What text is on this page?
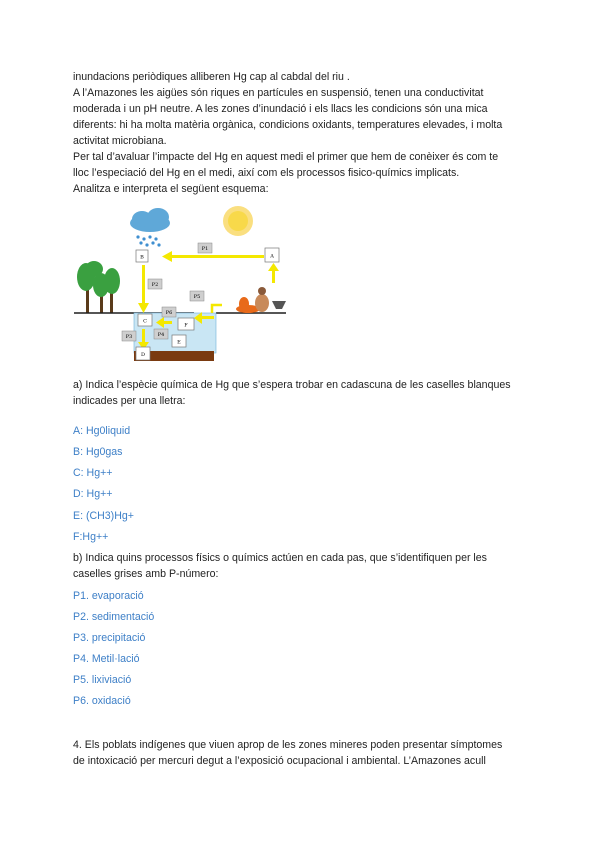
inundacions periòdiques alliberen Hg cap al cabdal del riu .
A l’Amazones les aigües són riques en partícules en suspensió, tenen una conductivitat
moderada i un pH neutre. A les zones d’inundació i els llacs les condicions són una mica
diferents: hi ha molta matèria orgànica, condicions oxidants, temperatures elevades, i molta
activitat microbiana.
Per tal d’avaluar l’impacte del Hg en aquest medi el primer que hem de conèixer és com te
lloc l’especiació del Hg en el medi, així com els processos fisico-químics implicats.
Analitza e interpreta el següent esquema:
B	A
C
F
E
D
P1
P2
P5
P6
P4
P3
a) Indica l’espècie química de Hg que s’espera trobar en cadascuna de les caselles blanques
indicades per una lletra:
A: Hg0liquid
B: Hg0gas
C: Hg++
D: Hg++
E: (CH3)Hg+
F:Hg++
b) Indica quins processos físics o químics actúen en cada pas, que s’identifiquen per les
caselles grises amb P-número:
P1. evaporació
P2. sedimentació
P3. precipitació
P4. Metil·lació
P5. lixiviació
P6. oxidació
4. Els poblats indígenes que viuen aprop de les zones mineres poden presentar símptomes
de intoxicació per mercuri degut a l’exposició ocupacional i ambiental. L’Amazones acull
